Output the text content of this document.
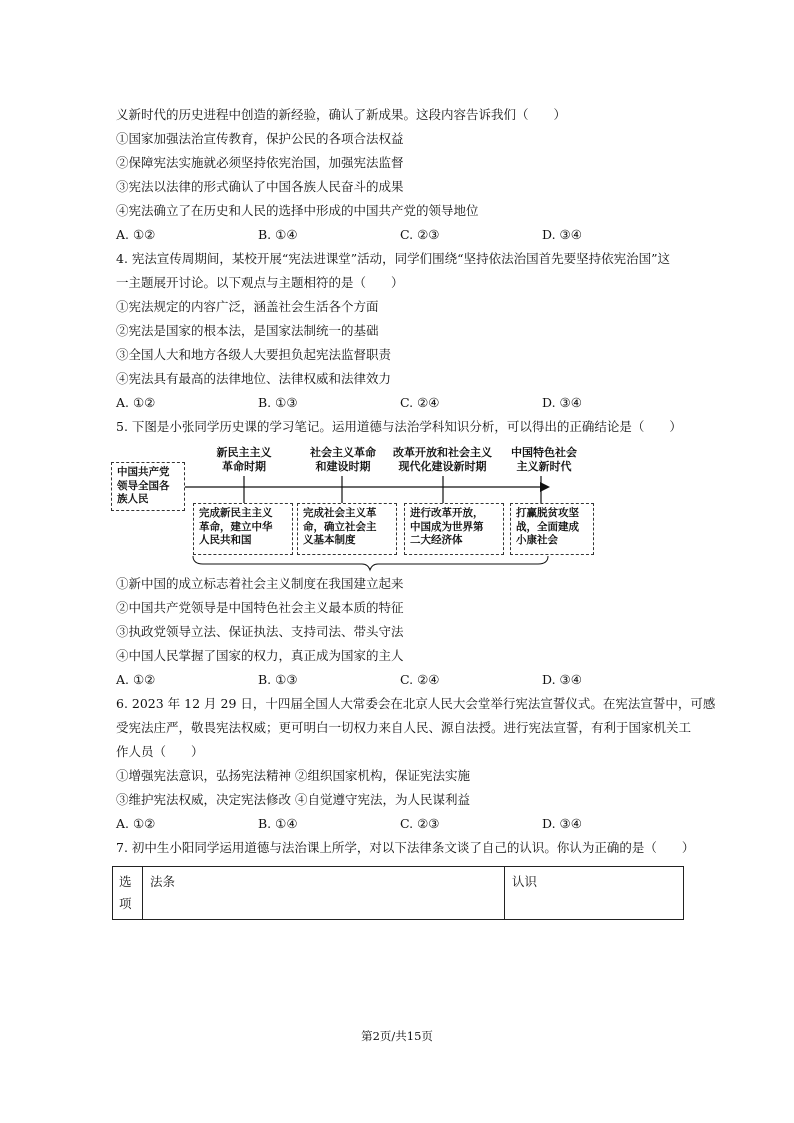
义新时代的历史进程中创造的新经验，确认了新成果。这段内容告诉我们（　　）
①国家加强法治宣传教育，保护公民的各项合法权益
②保障宪法实施就必须坚持依宪治国，加强宪法监督
③宪法以法律的形式确认了中国各族人民奋斗的成果
④宪法确立了在历史和人民的选择中形成的中国共产党的领导地位
A. ①②	B. ①④	C. ②③	D. ③④
4. 宪法宣传周期间，某校开展“宪法进课堂”活动，同学们围绕“坚持依法治国首先要坚持依宪治国”这
一主题展开讨论。以下观点与主题相符的是（　　）
①宪法规定的内容广泛，涵盖社会生活各个方面
②宪法是国家的根本法，是国家法制统一的基础
③全国人大和地方各级人大要担负起宪法监督职责
④宪法具有最高的法律地位、法律权威和法律效力
A. ①②	B. ①③	C. ②④	D. ③④
5. 下图是小张同学历史课的学习笔记。运用道德与法治学科知识分析，可以得出的正确结论是（　　）
新民主主义
革命时期
社会主义革命
和建设时期
改革开放和社会主义
现代化建设新时期
中国特色社会
主义新时代
中国共产党
领导全国各
族人民
完成新民主主义
革命，建立中华
人民共和国
完成社会主义革
命，确立社会主
义基本制度
进行改革开放，
中国成为世界第
二大经济体
打赢脱贫攻坚
战，全面建成
小康社会
①新中国的成立标志着社会主义制度在我国建立起来
②中国共产党领导是中国特色社会主义最本质的特征
③执政党领导立法、保证执法、支持司法、带头守法
④中国人民掌握了国家的权力，真正成为国家的主人
A. ①②	B. ①③	C. ②④	D. ③④
6. 2023 年 12 月 29 日，十四届全国人大常委会在北京人民大会堂举行宪法宣誓仪式。在宪法宣誓中，可感
受宪法庄严，敬畏宪法权威；更可明白一切权力来自人民、源自法授。进行宪法宣誓，有利于国家机关工
作人员（　　）
①增强宪法意识，弘扬宪法精神 ②组织国家机构，保证宪法实施
③维护宪法权威，决定宪法修改 ④自觉遵守宪法，为人民谋利益
A. ①②	B. ①④	C. ②③	D. ③④
7. 初中生小阳同学运用道德与法治课上所学，对以下法律条文谈了自己的认识。你认为正确的是（　　）
选项	法条	认识
第2页/共15页
